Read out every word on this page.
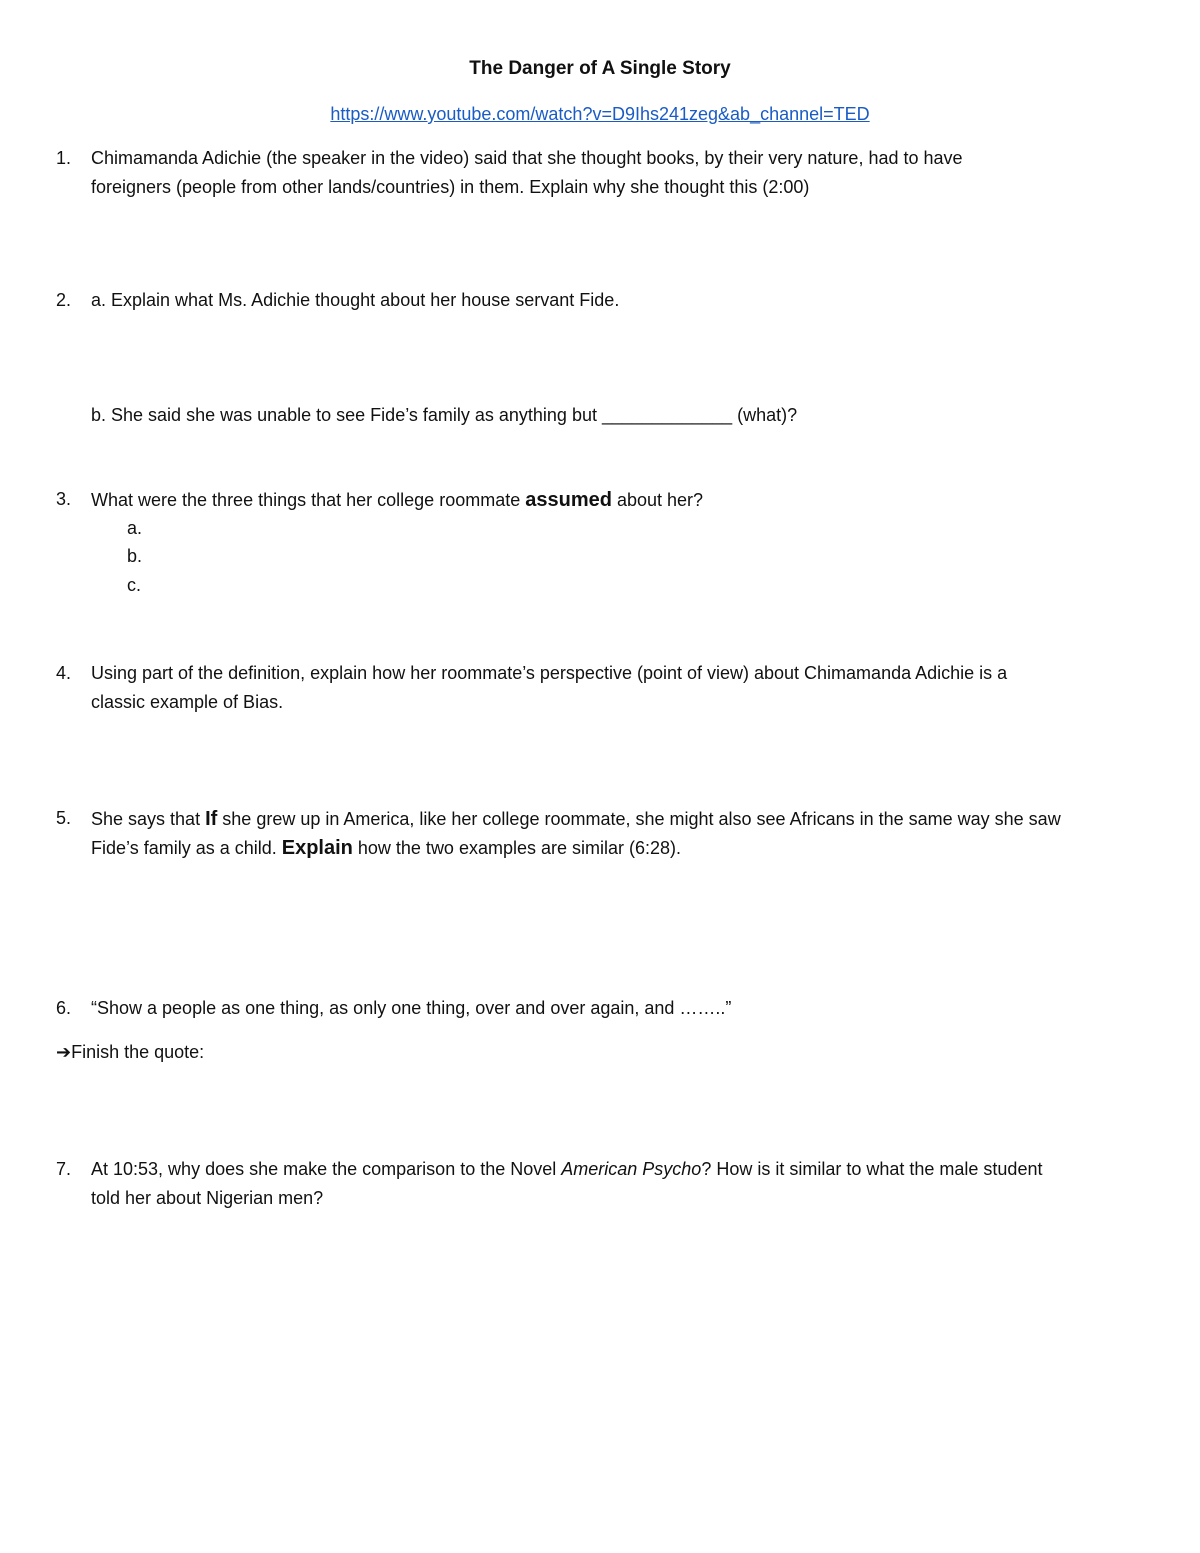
The Danger of A Single Story
https://www.youtube.com/watch?v=D9Ihs241zeg&ab_channel=TED
1.	Chimamanda Adichie (the speaker in the video) said that she thought books, by their very nature, had to have
foreigners (people from other lands/countries) in them. Explain why she thought this (2:00)
2.	a. Explain what Ms. Adichie thought about her house servant Fide.
b. She said she was unable to see Fide’s family as anything but _____________ (what)?
3.	What were the three things that her college roommate assumed about her?
a.
b.
c.
4.	Using part of the definition, explain how her roommate’s perspective (point of view) about Chimamanda Adichie is a
classic example of Bias.
5.	She says that If she grew up in America, like her college roommate, she might also see Africans in the same way she saw
Fide’s family as a child. Explain how the two examples are similar (6:28).
6.	“Show a people as one thing, as only one thing, over and over again, and ……..”
➔Finish the quote:
7.	At 10:53, why does she make the comparison to the Novel American Psycho? How is it similar to what the male student
told her about Nigerian men?
